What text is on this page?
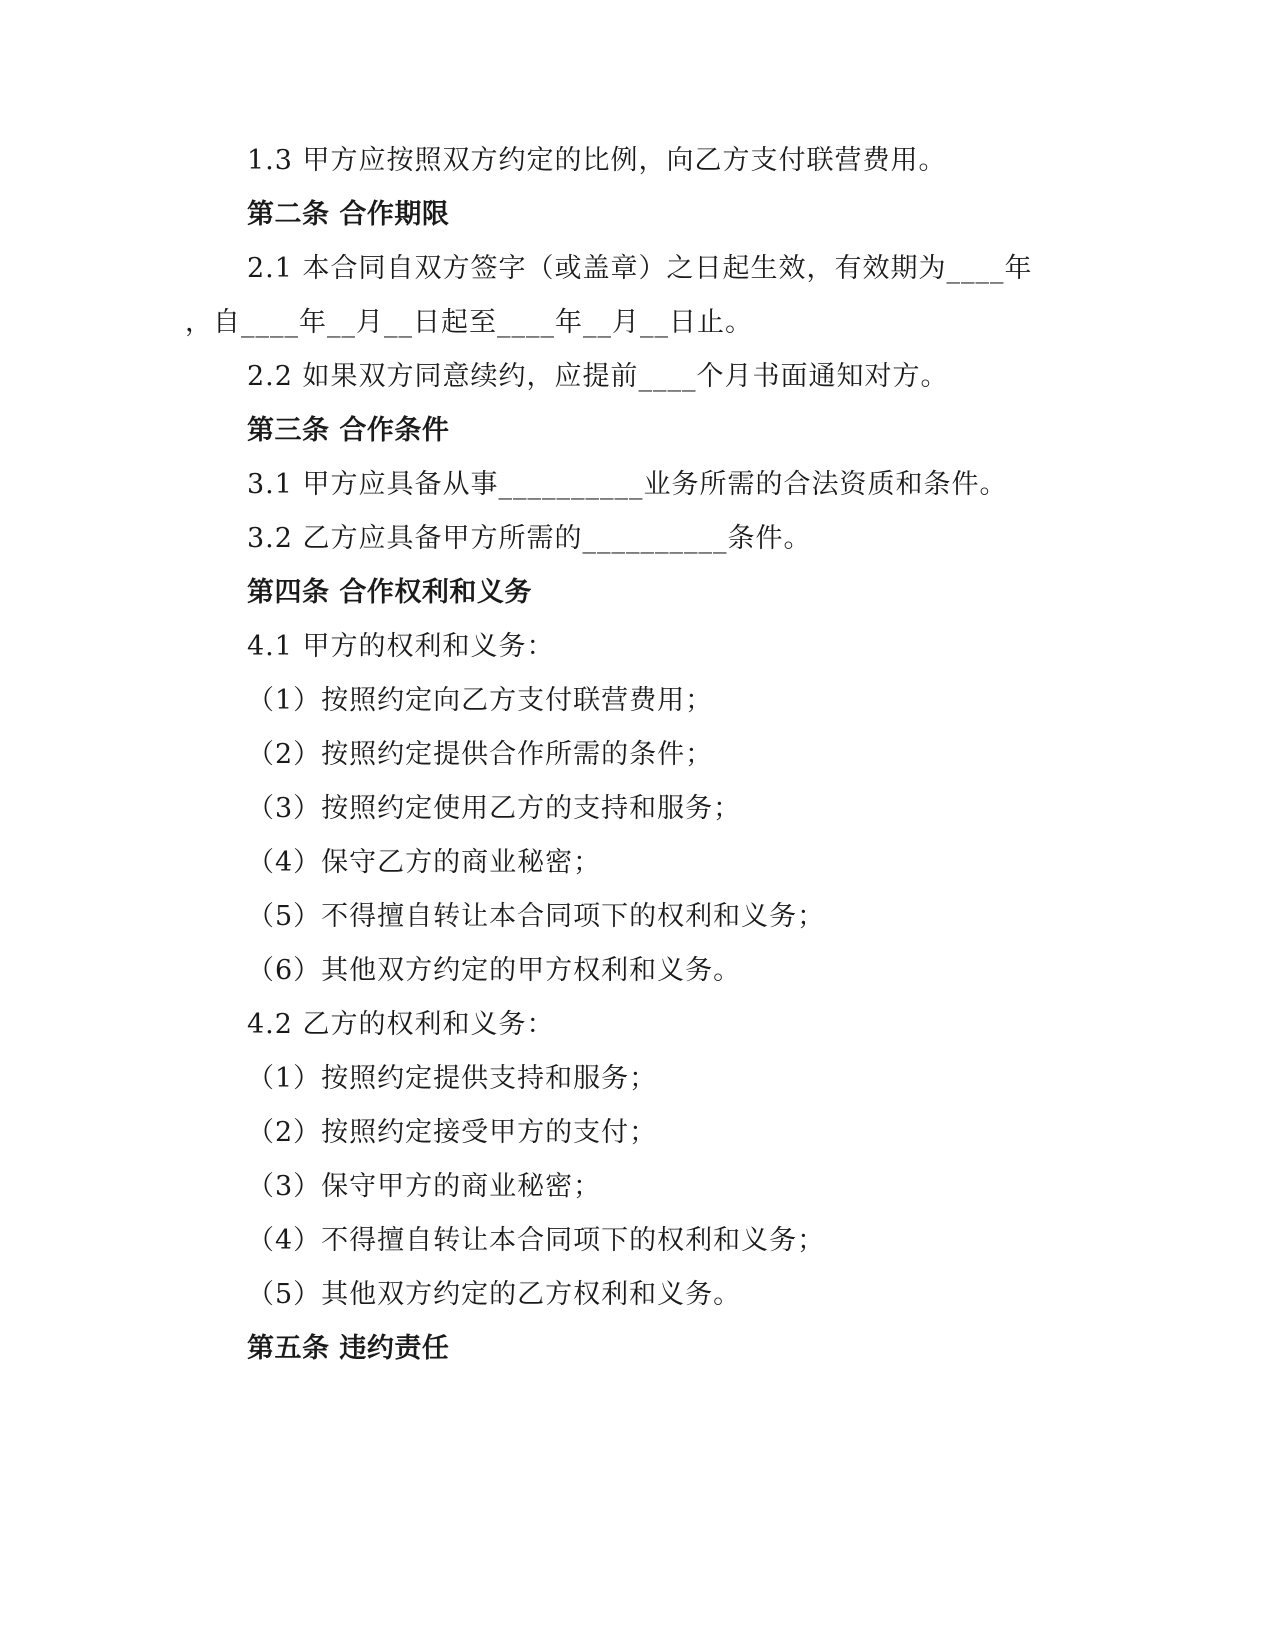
1.3 甲方应按照双方约定的比例，向乙方支付联营费用。
第二条 合作期限
2.1 本合同自双方签字（或盖章）之日起生效，有效期为____年
，自____年__月__日起至____年__月__日止。
2.2 如果双方同意续约，应提前____个月书面通知对方。
第三条 合作条件
3.1 甲方应具备从事__________业务所需的合法资质和条件。
3.2 乙方应具备甲方所需的__________条件。
第四条 合作权利和义务
4.1 甲方的权利和义务：
（1）按照约定向乙方支付联营费用；
（2）按照约定提供合作所需的条件；
（3）按照约定使用乙方的支持和服务；
（4）保守乙方的商业秘密；
（5）不得擅自转让本合同项下的权利和义务；
（6）其他双方约定的甲方权利和义务。
4.2 乙方的权利和义务：
（1）按照约定提供支持和服务；
（2）按照约定接受甲方的支付；
（3）保守甲方的商业秘密；
（4）不得擅自转让本合同项下的权利和义务；
（5）其他双方约定的乙方权利和义务。
第五条 违约责任
